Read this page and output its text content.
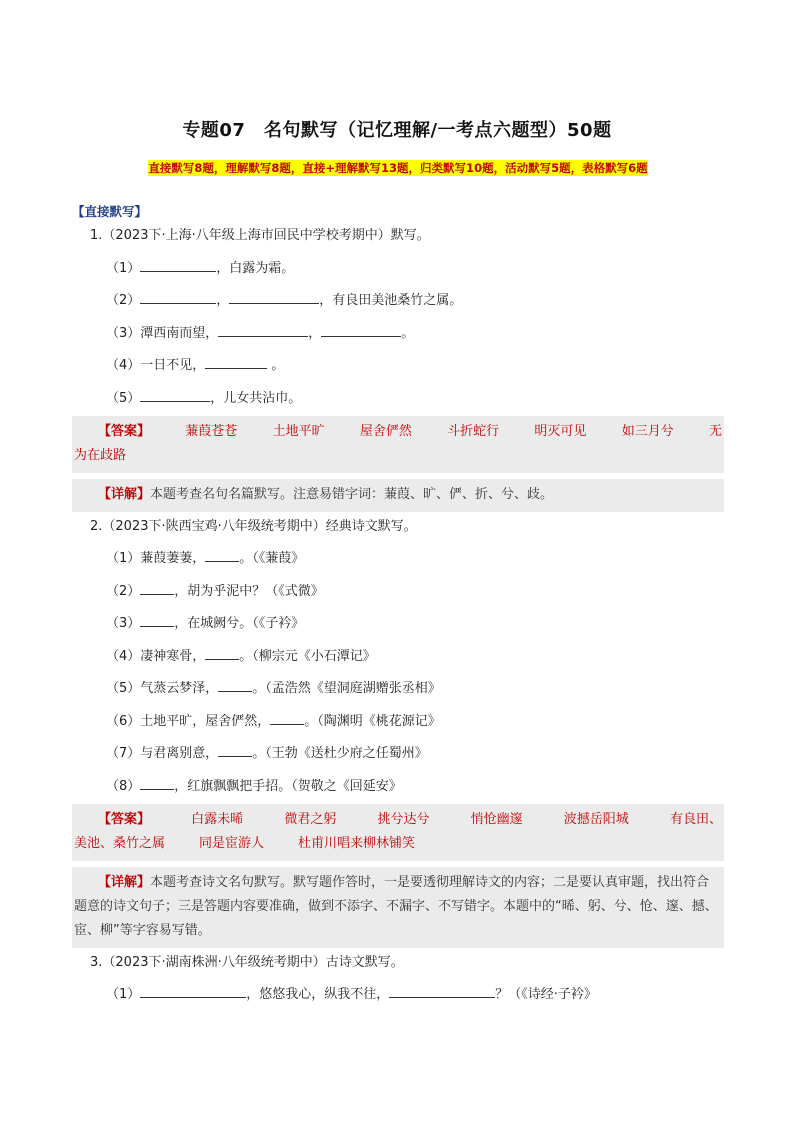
专题07　名句默写（记忆理解/一考点六题型）50题
直接默写8题，理解默写8题，直接+理解默写13题，归类默写10题，活动默写5题，表格默写6题
【直接默写】
1.（2023下·上海·八年级上海市回民中学校考期中）默写。
（1）	，白露为霜。
（2）	，	，有良田美池桑竹之属。
（3）潭西南而望，	，	。
（4）一日不见，	。
（5）	，儿女共沾巾。
【答案】	蒹葭苍苍	土地平旷	屋舍俨然	斗折蛇行	明灭可见	如三月兮	无
为在歧路
【详解】本题考查名句名篇默写。注意易错字词：蒹葭、旷、俨、折、兮、歧。
2.（2023下·陕西宝鸡·八年级统考期中）经典诗文默写。
（1）蒹葭萋萋，	。（《蒹葭》
（2）	，胡为乎泥中？（《式微》
（3）	，在城阙兮。（《子衿》
（4）凄神寒骨，	。（柳宗元《小石潭记》
（5）气蒸云梦泽，	。（孟浩然《望洞庭湖赠张丞相》
（6）土地平旷，屋舍俨然，	。（陶渊明《桃花源记》
（7）与君离别意，	。（王勃《送杜少府之任蜀州》
（8）	，红旗飘飘把手招。（贺敬之《回延安》
【答案】	白露未晞	微君之躬	挑兮达兮	悄怆幽邃	波撼岳阳城	有良田、
美池、桑竹之属	同是宦游人	杜甫川唱来柳林铺笑
【详解】本题考查诗文名句默写。默写题作答时，一是要透彻理解诗文的内容；二是要认真审题，找出符合题意的诗文句子；三是答题内容要准确，做到不添字、不漏字、不写错字。本题中的“晞、躬、兮、怆、邃、撼、宦、柳”等字容易写错。
3.（2023下·湖南株洲·八年级统考期中）古诗文默写。
（1）	，悠悠我心，纵我不往，	？（《诗经·子衿》
